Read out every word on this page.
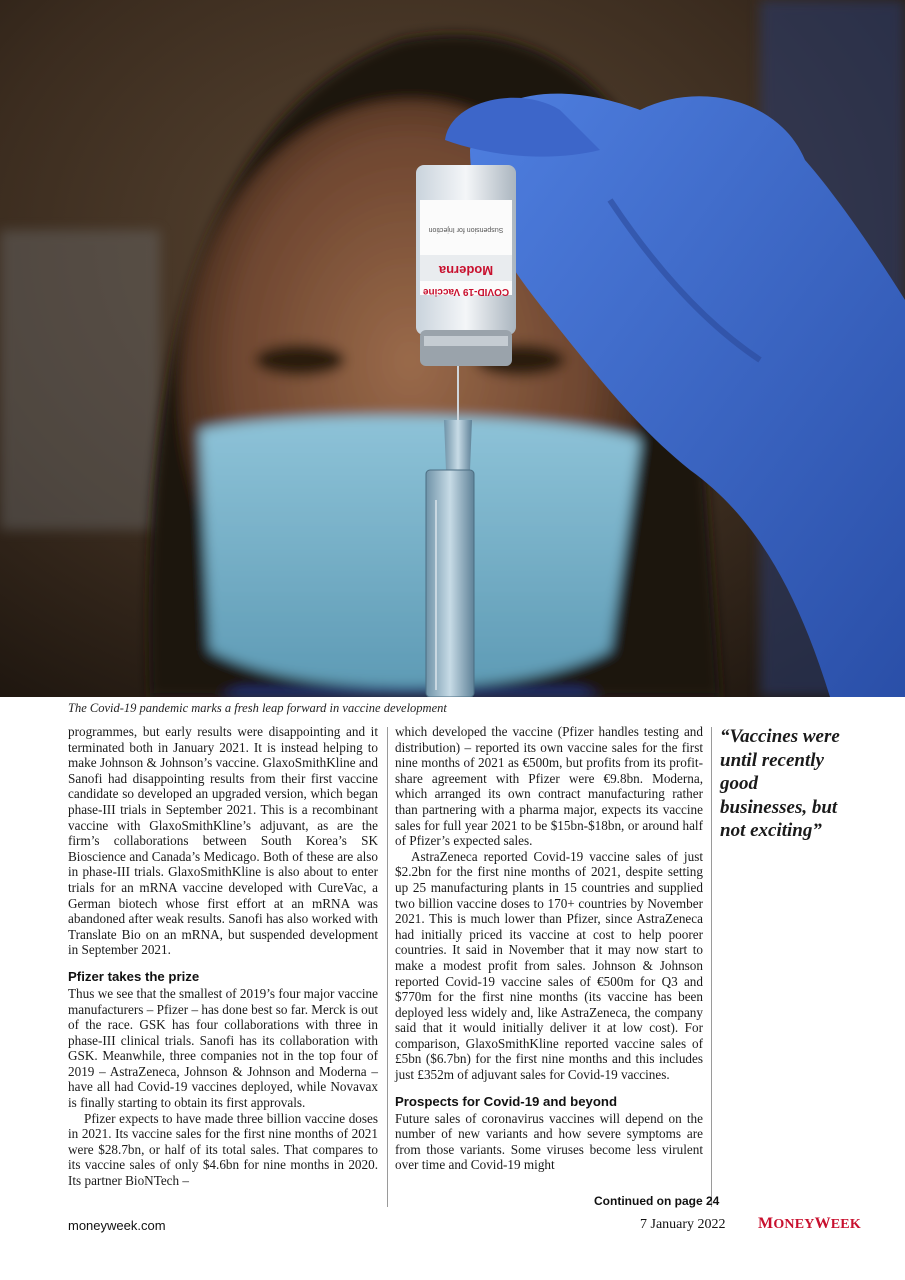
Moderna
COVID-19 Vaccine
Suspension for Injection
The Covid-19 pandemic marks a fresh leap forward in vaccine development

programmes, but early results were disappointing and it terminated both in January 2021. It is instead helping to make Johnson & Johnson’s vaccine. GlaxoSmithKline and Sanofi had disappointing results from their first vaccine candidate so developed an upgraded version, which began phase-III trials in September 2021. This is a recombinant vaccine with GlaxoSmithKline’s adjuvant, as are the firm’s collaborations between South Korea’s SK Bioscience and Canada’s Medicago. Both of these are also in phase-III trials. GlaxoSmithKline is also about to enter trials for an mRNA vaccine developed with CureVac, a German biotech whose first effort at an mRNA was abandoned after weak results. Sanofi has also worked with Translate Bio on an mRNA, but suspended development in September 2021.

Pfizer takes the prize

Thus we see that the smallest of 2019’s four major vaccine manufacturers – Pfizer – has done best so far. Merck is out of the race. GSK has four collaborations with three in phase-III clinical trials. Sanofi has its collaboration with GSK. Meanwhile, three companies not in the top four of 2019 – AstraZeneca, Johnson & Johnson and Moderna – have all had Covid-19 vaccines deployed, while Novavax is finally starting to obtain its first approvals.

Pfizer expects to have made three billion vaccine doses in 2021. Its vaccine sales for the first nine months of 2021 were $28.7bn, or half of its total sales. That compares to its vaccine sales of only $4.6bn for nine months in 2020. Its partner BioNTech –

which developed the vaccine (Pfizer handles testing and distribution) – reported its own vaccine sales for the first nine months of 2021 as €500m, but profits from its profit-share agreement with Pfizer were €9.8bn. Moderna, which arranged its own contract manufacturing rather than partnering with a pharma major, expects its vaccine sales for full year 2021 to be $15bn-$18bn, or around half of Pfizer’s expected sales.

AstraZeneca reported Covid-19 vaccine sales of just $2.2bn for the first nine months of 2021, despite setting up 25 manufacturing plants in 15 countries and supplied two billion vaccine doses to 170+ countries by November 2021. This is much lower than Pfizer, since AstraZeneca had initially priced its vaccine at cost to help poorer countries. It said in November that it may now start to make a modest profit from sales. Johnson & Johnson reported Covid-19 vaccine sales of €500m for Q3 and $770m for the first nine months (its vaccine has been deployed less widely and, like AstraZeneca, the company said that it would initially deliver it at low cost). For comparison, GlaxoSmithKline reported vaccine sales of £5bn ($6.7bn) for the first nine months and this includes just £352m of adjuvant sales for Covid-19 vaccines.

Prospects for Covid-19 and beyond

Future sales of coronavirus vaccines will depend on the number of new variants and how severe symptoms are from those variants. Some viruses become less virulent over time and Covid-19 might

“Vaccines were until recently good businesses, but not exciting”
Continued on page 24
moneyweek.com	7 January 2022 MONEYWEEK
